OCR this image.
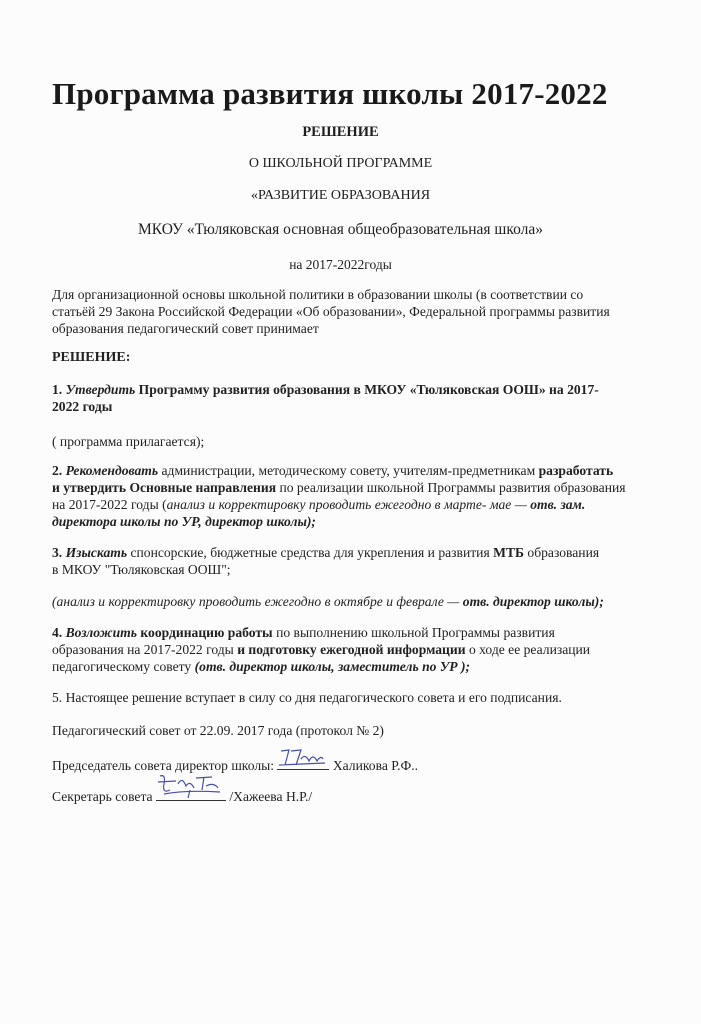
Программа развития школы 2017-2022
РЕШЕНИЕ
О ШКОЛЬНОЙ ПРОГРАММЕ
«РАЗВИТИЕ ОБРАЗОВАНИЯ
МКОУ «Тюляковская основная общеобразовательная школа»
на 2017-2022годы
Для организационной основы школьной политики в образовании школы (в соответствии со
статьёй 29 Закона Российской Федерации «Об образовании», Федеральной программы развития
образования педагогический совет принимает
РЕШЕНИЕ:
1. Утвердить Программу развития образования в МКОУ «Тюляковская ООШ» на 2017-
2022 годы
( программа прилагается);
2. Рекомендовать администрации, методическому совету, учителям-предметникам разработать
и утвердить Основные направления по реализации школьной Программы развития образования
на 2017-2022 годы (анализ и корректировку проводить ежегодно в марте- мае — отв. зам.
директора школы по УР, директор школы);
3. Изыскать спонсорские, бюджетные средства для укрепления и развития МТБ образования
в МКОУ "Тюляковская ООШ";
(анализ и корректировку проводить ежегодно в октябре и феврале — отв. директор школы);
4. Возложить координацию работы по выполнению школьной Программы развития
образования на 2017-2022 годы и подготовку ежегодной информации о ходе ее реализации
педагогическому совету (отв. директор школы, заместитель по УР );
5. Настоящее решение вступает в силу со дня педагогического совета и его подписания.
Педагогический совет от 22.09. 2017 года (протокол № 2)
Председатель совета директор школы:	Халикова Р.Ф..
Секретарь совета	/Хажеева Н.Р./
